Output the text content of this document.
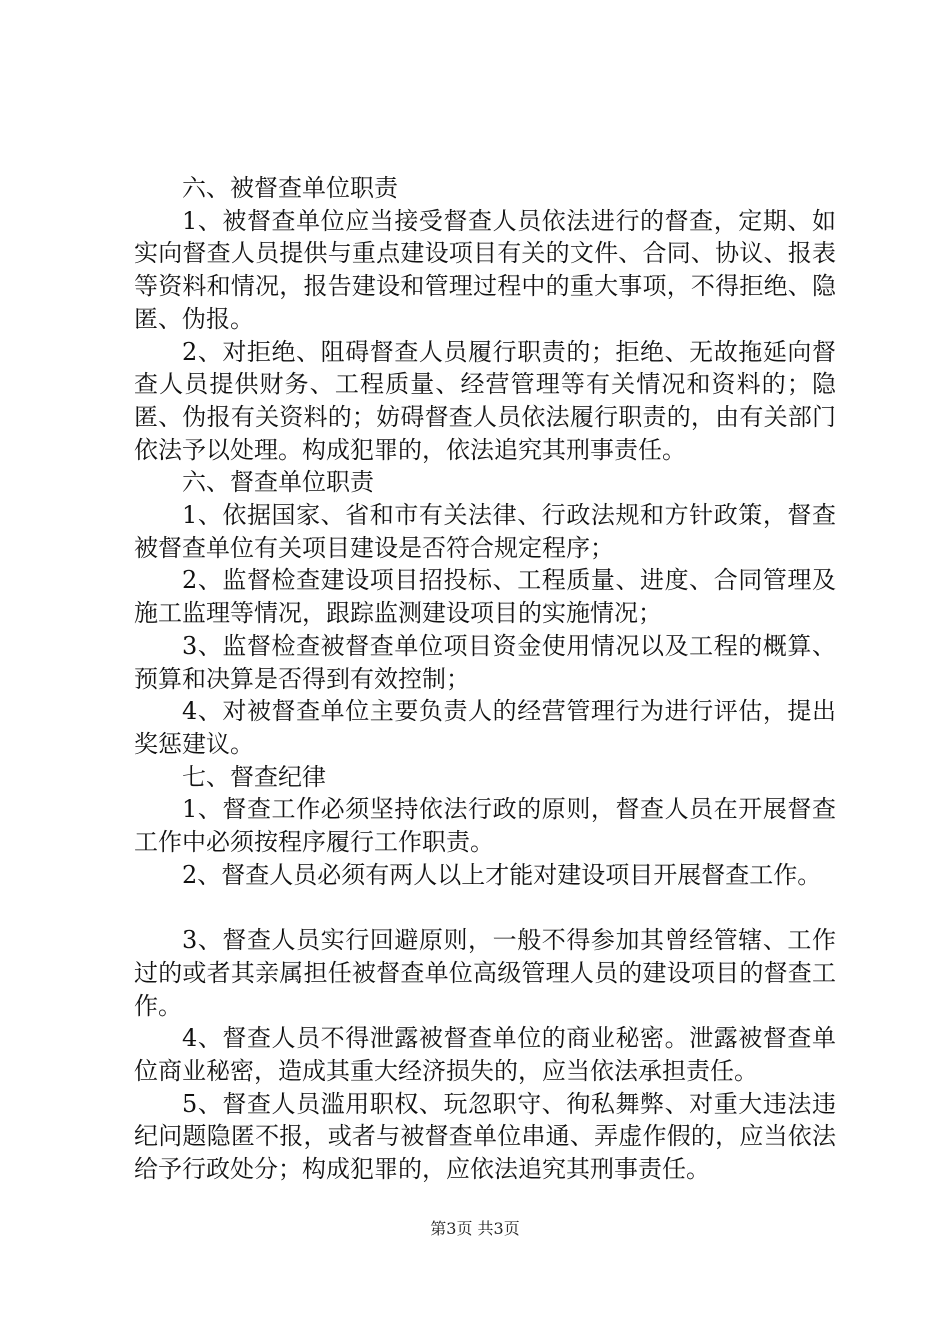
六、被督查单位职责

1、被督查单位应当接受督查人员依法进行的督查，定期、如实向督查人员提供与重点建设项目有关的文件、合同、协议、报表等资料和情况，报告建设和管理过程中的重大事项，不得拒绝、隐匿、伪报。

2、对拒绝、阻碍督查人员履行职责的；拒绝、无故拖延向督查人员提供财务、工程质量、经营管理等有关情况和资料的；隐匿、伪报有关资料的；妨碍督查人员依法履行职责的，由有关部门依法予以处理。构成犯罪的，依法追究其刑事责任。

六、督查单位职责

1、依据国家、省和市有关法律、行政法规和方针政策，督查被督查单位有关项目建设是否符合规定程序；

2、监督检查建设项目招投标、工程质量、进度、合同管理及施工监理等情况，跟踪监测建设项目的实施情况；

3、监督检查被督查单位项目资金使用情况以及工程的概算、预算和决算是否得到有效控制；

4、对被督查单位主要负责人的经营管理行为进行评估，提出奖惩建议。

七、督查纪律

1、督查工作必须坚持依法行政的原则，督查人员在开展督查工作中必须按程序履行工作职责。

2、督查人员必须有两人以上才能对建设项目开展督查工作。

3、督查人员实行回避原则，一般不得参加其曾经管辖、工作过的或者其亲属担任被督查单位高级管理人员的建设项目的督查工作。

4、督查人员不得泄露被督查单位的商业秘密。泄露被督查单位商业秘密，造成其重大经济损失的，应当依法承担责任。

5、督查人员滥用职权、玩忽职守、徇私舞弊、对重大违法违纪问题隐匿不报，或者与被督查单位串通、弄虚作假的，应当依法给予行政处分；构成犯罪的，应依法追究其刑事责任。

第3页 共3页
